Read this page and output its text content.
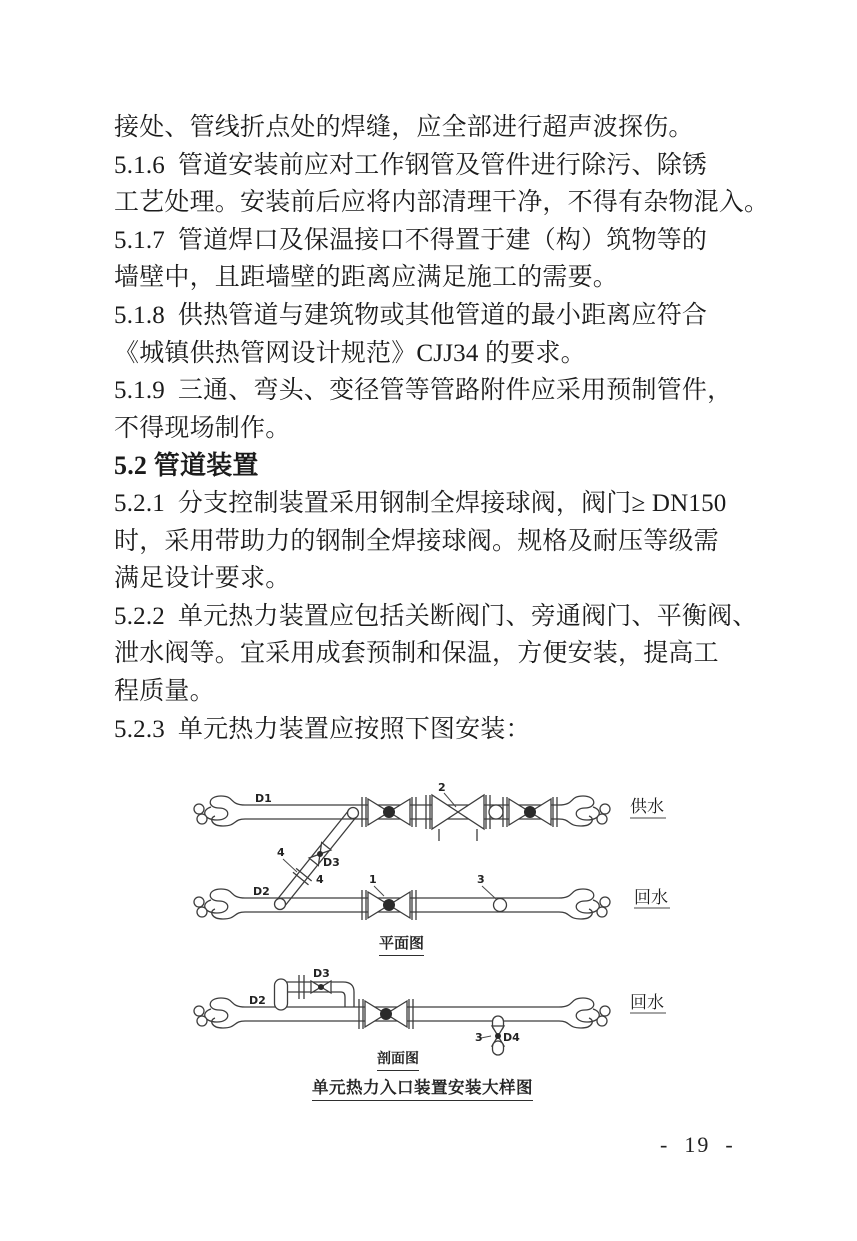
接处、管线折点处的焊缝，应全部进行超声波探伤。
5.1.6  管道安装前应对工作钢管及管件进行除污、除锈
工艺处理。安装前后应将内部清理干净，不得有杂物混入。
5.1.7  管道焊口及保温接口不得置于建（构）筑物等的
墙壁中，且距墙壁的距离应满足施工的需要。
5.1.8  供热管道与建筑物或其他管道的最小距离应符合
《城镇供热管网设计规范》CJJ34 的要求。
5.1.9  三通、弯头、变径管等管路附件应采用预制管件，
不得现场制作。
5.2 管道装置
5.2.1  分支控制装置采用钢制全焊接球阀，阀门≥ DN150
时，采用带助力的钢制全焊接球阀。规格及耐压等级需
满足设计要求。
5.2.2  单元热力装置应包括关断阀门、旁通阀门、平衡阀、
泄水阀等。宜采用成套预制和保温，方便安装，提高工
程质量。
5.2.3  单元热力装置应按照下图安装：
D1
D2
2
1	3
4
D3
4
供水
回水
D2
D3
3 D4
回水
平面图
剖面图
单元热力入口装置安装大样图
-  19  -
